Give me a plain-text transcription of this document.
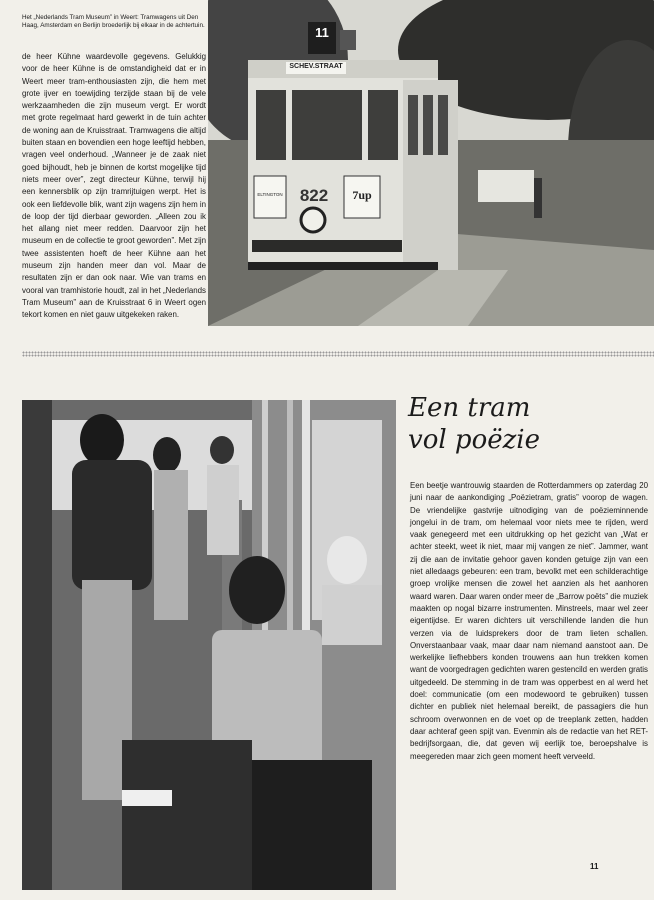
11
SCHEV.STRAAT
822
ELTINGTON	7up
Het „Nederlands Tram Museum” in Weert: Tramwagens uit Den Haag, Amsterdam en Berlijn broederlijk bij elkaar in de achtertuin.

de heer Kühne waardevolle gegevens. Gelukkig voor de heer Kühne is de omstandigheid dat er in Weert meer tram-enthousiasten zijn, die hem met grote ijver en toewijding terzijde staan bij de vele werkzaamheden die zijn museum vergt. Er wordt met grote regelmaat hard gewerkt in de tuin achter de woning aan de Kruisstraat. Tramwagens die altijd buiten staan en bovendien een hoge leeftijd hebben, vragen veel onderhoud. „Wanneer je de zaak niet goed bijhoudt, heb je binnen de kortst mogelijke tijd niets meer over”, zegt directeur Kühne, terwijl hij een kennersblik op zijn tramrijtuigen werpt. Het is ook een liefdevolle blik, want zijn wagens zijn hem in de loop der tijd dierbaar geworden. „Alleen zou ik het allang niet meer redden. Daarvoor zijn het museum en de collectie te groot geworden”. Met zijn twee assistenten hoeft de heer Kühne aan het museum zijn handen meer dan vol. Maar de resultaten zijn er dan ook naar. Wie van trams en vooral van tramhistorie houdt, zal in het „Nederlands Tram Museum” aan de Kruisstraat 6 in Weert ogen tekort komen en niet gauw uitgekeken raken.

Een tram
vol poëzie

Een beetje wantrouwig staarden de Rotterdammers op zaterdag 20 juni naar de aankondiging „Poëzietram, gratis” voorop de wagen. De vriendelijke gastvrije uitnodiging van de poëzieminnende jongelui in de tram, om helemaal voor niets mee te rijden, werd vaak genegeerd met een uitdrukking op het gezicht van „Wat er achter steekt, weet ik niet, maar mij vangen ze niet”. Jammer, want zij die aan de invitatie gehoor gaven konden getuige zijn van een niet alledaags gebeuren: een tram, bevolkt met een schilderachtige groep vrolijke mensen die zowel het aanzien als het aanhoren waard waren. Daar waren onder meer de „Barrow poëts” die muziek maakten op nogal bizarre instrumenten. Minstreels, maar wel zeer eigentijdse. Er waren dichters uit verschillende landen die hun verzen via de luidsprekers door de tram lieten schallen. Onverstaanbaar vaak, maar daar nam niemand aanstoot aan. De werkelijke liefhebbers konden trouwens aan hun trekken komen want de voorgedragen gedichten waren gestencild en werden gratis uitgedeeld. De stemming in de tram was opperbest en al werd het doel: communicatie (om een modewoord te gebruiken) tussen dichter en publiek niet helemaal bereikt, de passagiers die hun schroom overwonnen en de voet op de treeplank zetten, hadden daar achteraf geen spijt van. Evenmin als de redactie van het RET-bedrijfsorgaan, die, dat geven wij eerlijk toe, beroepshalve is meegereden maar zich geen moment heeft verveeld.

11
